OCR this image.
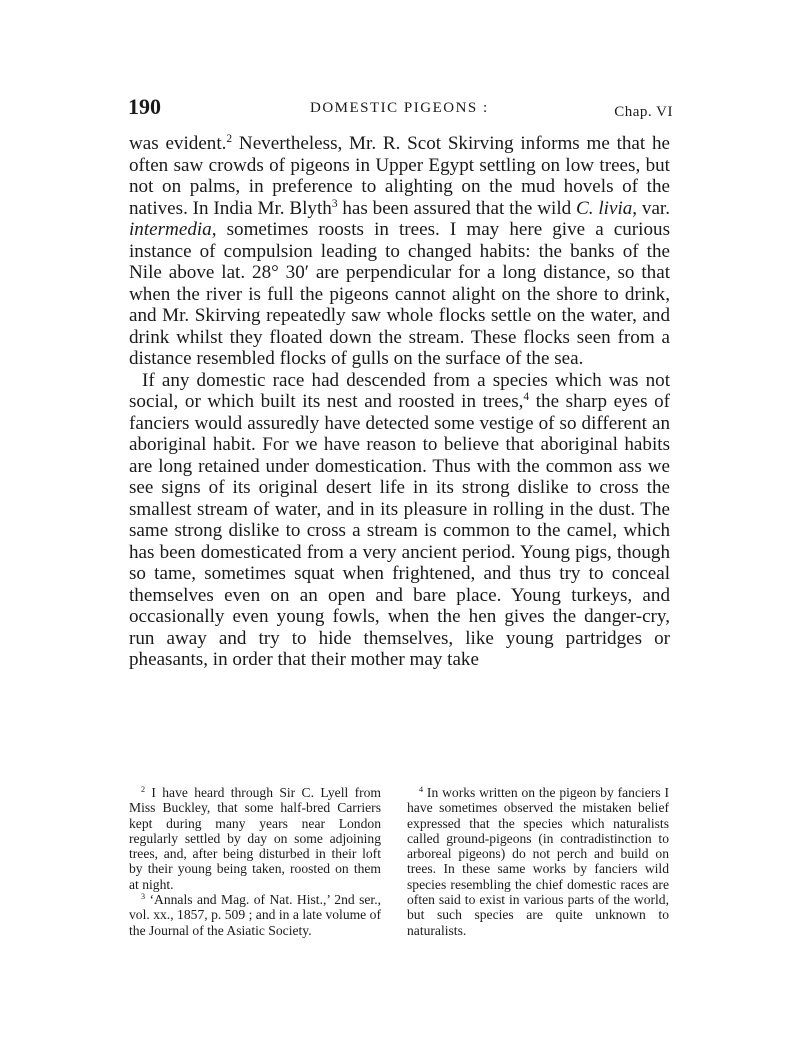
190	DOMESTIC PIGEONS :	Chap. VI

was evident.$^2$ Nevertheless, Mr. R. Scot Skirving informs me that he often saw crowds of pigeons in Upper Egypt settling on low trees, but not on palms, in preference to alighting on the mud hovels of the natives. In India Mr. Blyth$^3$ has been assured that the wild C. livia, var. intermedia, sometimes roosts in trees. I may here give a curious instance of compulsion leading to changed habits: the banks of the Nile above lat. 28° 30′ are perpendicular for a long distance, so that when the river is full the pigeons cannot alight on the shore to drink, and Mr. Skirving repeatedly saw whole flocks settle on the water, and drink whilst they floated down the stream. These flocks seen from a distance resembled flocks of gulls on the surface of the sea.

If any domestic race had descended from a species which was not social, or which built its nest and roosted in trees,$^4$ the sharp eyes of fanciers would assuredly have detected some vestige of so different an aboriginal habit. For we have reason to believe that aboriginal habits are long retained under domestication. Thus with the common ass we see signs of its original desert life in its strong dislike to cross the smallest stream of water, and in its pleasure in rolling in the dust. The same strong dislike to cross a stream is common to the camel, which has been domesticated from a very ancient period. Young pigs, though so tame, sometimes squat when frightened, and thus try to conceal themselves even on an open and bare place. Young turkeys, and occasionally even young fowls, when the hen gives the danger-cry, run away and try to hide themselves, like young partridges or pheasants, in order that their mother may take

$^2$ I have heard through Sir C. Lyell from Miss Buckley, that some half-bred Carriers kept during many years near London regularly settled by day on some adjoining trees, and, after being disturbed in their loft by their young being taken, roosted on them at night.

$^3$ ‘Annals and Mag. of Nat. Hist.,’ 2nd ser., vol. xx., 1857, p. 509 ; and in a late volume of the Journal of the Asiatic Society.

$^4$ In works written on the pigeon by fanciers I have sometimes observed the mistaken belief expressed that the species which naturalists called ground-pigeons (in contradistinction to arboreal pigeons) do not perch and build on trees. In these same works by fanciers wild species resembling the chief domestic races are often said to exist in various parts of the world, but such species are quite unknown to naturalists.
